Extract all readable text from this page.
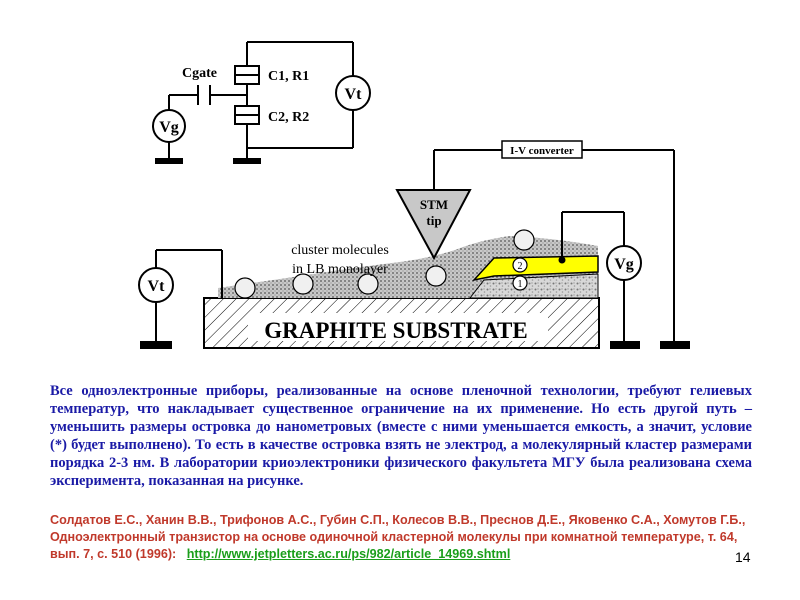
Cgate	C1, R1
C2, R2
Vt
Vg
GRAPHITE SUBSTRATE
2
1
STM
tip
I-V converter
Vg
Vt
cluster molecules
in LB monolayer

Все одноэлектронные приборы, реализованные на основе пленочной технологии, требуют гелиевых температур, что накладывает существенное ограничение на их применение. Но есть другой путь – уменьшить размеры островка до нанометровых (вместе с ними уменьшается емкость, а значит, условие (*) будет выполнено). То есть в качестве островка взять не электрод, а молекулярный кластер размерами порядка 2-3 нм. В лаборатории криоэлектроники физического факультета МГУ была реализована схема эксперимента, показанная на рисунке.

Солдатов Е.С., Ханин В.В., Трифонов А.С., Губин С.П., Колесов В.В., Преснов Д.Е., Яковенко С.А., Хомутов Г.Б., Одноэлектронный транзистор на основе одиночной кластерной молекулы при комнатной температуре, т. 64, вып. 7, с. 510 (1996): http://www.jetpletters.ac.ru/ps/982/article_14969.shtml	14
